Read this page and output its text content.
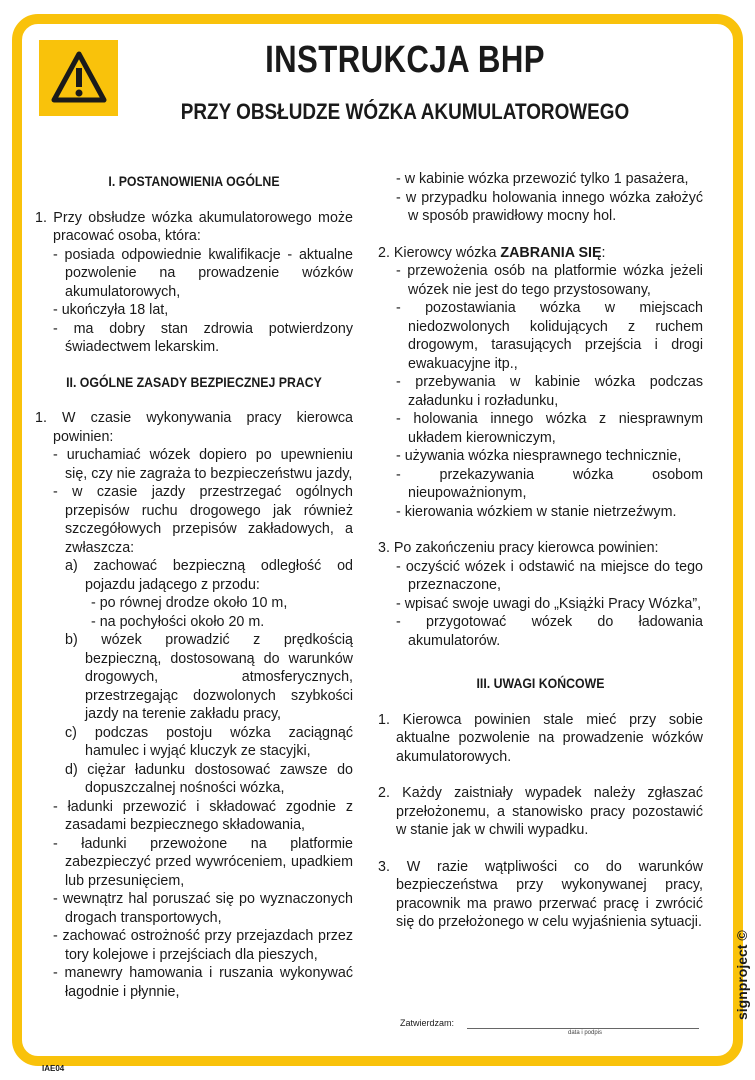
INSTRUKCJA BHP
PRZY OBSŁUDZE WÓZKA AKUMULATOROWEGO
I. POSTANOWIENIA OGÓLNE

1. Przy obsłudze wózka akumulatorowego może pracować osoba, która:

- posiada odpowiednie kwalifikacje - aktualne pozwolenie na prowadzenie wózków akumulatorowych,

- ukończyła 18 lat,

- ma dobry stan zdrowia potwierdzony świadectwem lekarskim.

II. OGÓLNE ZASADY BEZPIECZNEJ PRACY

1. W czasie wykonywania pracy kierowca powinien:

- uruchamiać wózek dopiero po upewnieniu się, czy nie zagraża to bezpieczeństwu jazdy,

- w czasie jazdy przestrzegać ogólnych przepisów ruchu drogowego jak również szczegółowych przepisów zakładowych, a zwłaszcza:

a) zachować bezpieczną odległość od pojazdu jadącego z przodu:

- po równej drodze około 10 m,

- na pochyłości około 20 m.

b) wózek prowadzić z prędkością bezpieczną, dostosowaną do warunków drogowych, atmosferycznych, przestrzegając dozwolonych szybkości jazdy na terenie zakładu pracy,

c) podczas postoju wózka zaciągnąć hamulec i wyjąć kluczyk ze stacyjki,

d) ciężar ładunku dostosować zawsze do dopuszczalnej nośności wózka,

- ładunki przewozić i składować zgodnie z zasadami bezpiecznego składowania,

- ładunki przewożone na platformie zabezpieczyć przed wywróceniem, upadkiem lub przesunięciem,

- wewnątrz hal poruszać się po wyznaczonych drogach transportowych,

- zachować ostrożność przy przejazdach przez tory kolejowe i przejściach dla pieszych,

- manewry hamowania i ruszania wykonywać łagodnie i płynnie,

- w kabinie wózka przewozić tylko 1 pasażera,

- w przypadku holowania innego wózka założyć w sposób prawidłowy mocny hol.

2. Kierowcy wózka ZABRANIA SIĘ:

- przewożenia osób na platformie wózka jeżeli wózek nie jest do tego przystosowany,

- pozostawiania wózka w miejscach niedozwolonych kolidujących z ruchem drogowym, tarasujących przejścia i drogi ewakuacyjne itp.,

- przebywania w kabinie wózka podczas załadunku i rozładunku,

- holowania innego wózka z niesprawnym układem kierowniczym,

- używania wózka niesprawnego technicznie,

- przekazywania wózka osobom nieupoważnionym,

- kierowania wózkiem w stanie nietrzeźwym.

3. Po zakończeniu pracy kierowca powinien:

- oczyścić wózek i odstawić na miejsce do tego przeznaczone,

- wpisać swoje uwagi do „Książki Pracy Wózka”,

- przygotować wózek do ładowania akumulatorów.

III. UWAGI KOŃCOWE

1. Kierowca powinien stale mieć przy sobie aktualne pozwolenie na prowadzenie wózków akumulatorowych.

2. Każdy zaistniały wypadek należy zgłaszać przełożonemu, a stanowisko pracy pozostawić w stanie jak w chwili wypadku.

3. W razie wątpliwości co do warunków bezpieczeństwa przy wykonywanej pracy, pracownik ma prawo przerwać pracę i zwrócić się do przełożonego w celu wyjaśnienia sytuacji.

Zatwierdzam:
data i podpis
IAE04
signproject ©
